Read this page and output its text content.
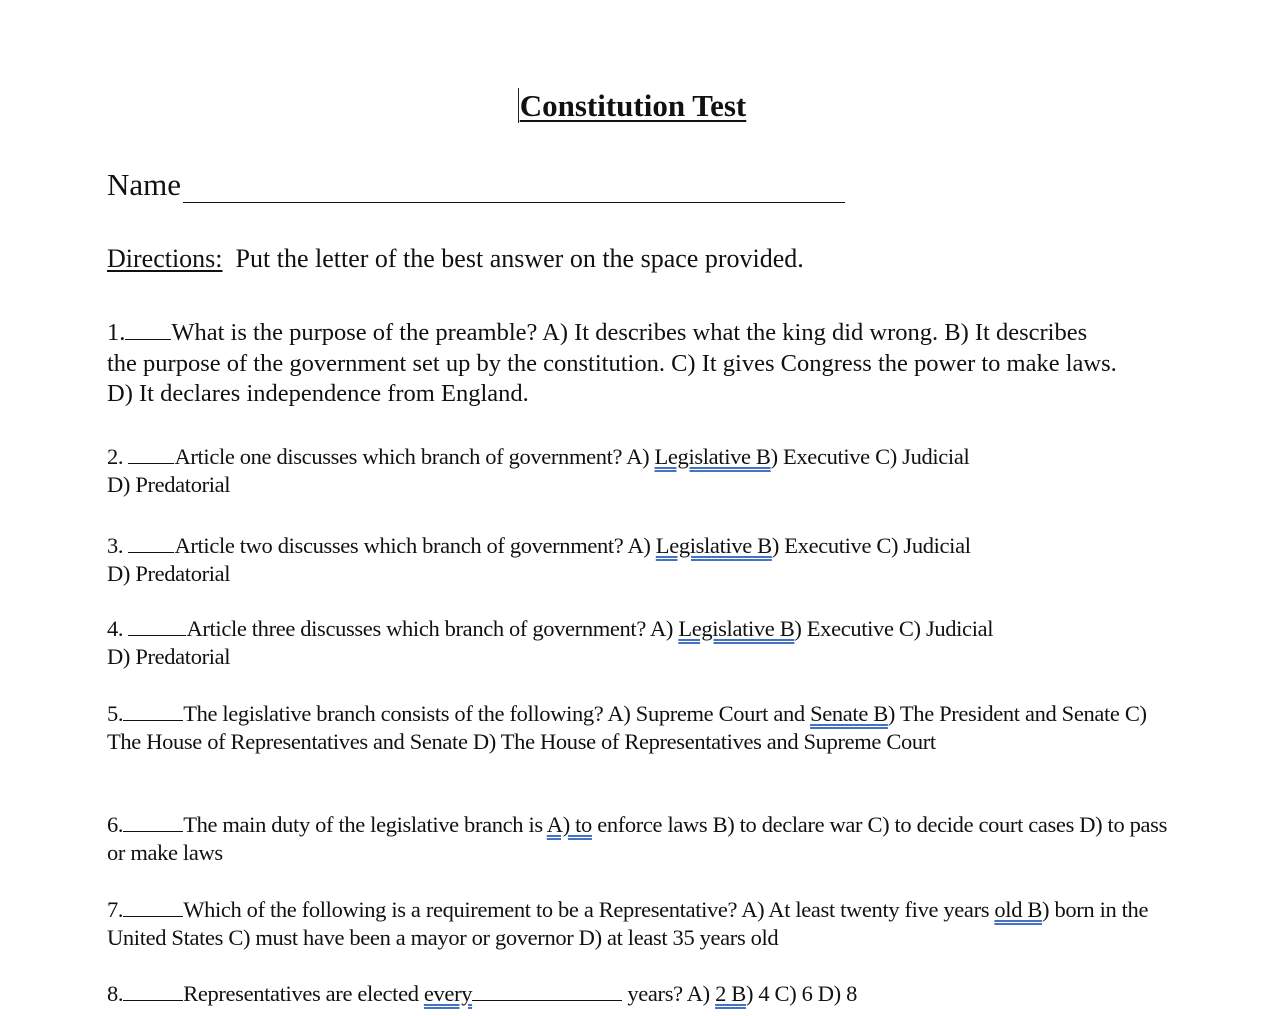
Constitution Test
Name
Directions: Put the letter of the best answer on the space provided.
1. What is the purpose of the preamble? A) It describes what the king did wrong. B) It describes the purpose of the government set up by the constitution. C) It gives Congress the power to make laws. D) It declares independence from England.
2. Article one discusses which branch of government? A) Legislative B) Executive C) Judicial
D) Predatorial
3. Article two discusses which branch of government? A) Legislative B) Executive C) Judicial
D) Predatorial
4.	Article three discusses which branch of government? A) Legislative B) Executive C) Judicial
D) Predatorial
5.	The legislative branch consists of the following? A) Supreme Court and Senate B) The President and Senate C) The House of Representatives and Senate D) The House of Representatives and Supreme Court
6.	The main duty of the legislative branch is A) to enforce laws B) to declare war C) to decide court cases D) to pass or make laws
7.	Which of the following is a requirement to be a Representative? A) At least twenty five years old B) born in the United States C) must have been a mayor or governor D) at least 35 years old
8.	Representatives are elected every	years? A) 2 B) 4 C) 6 D) 8
